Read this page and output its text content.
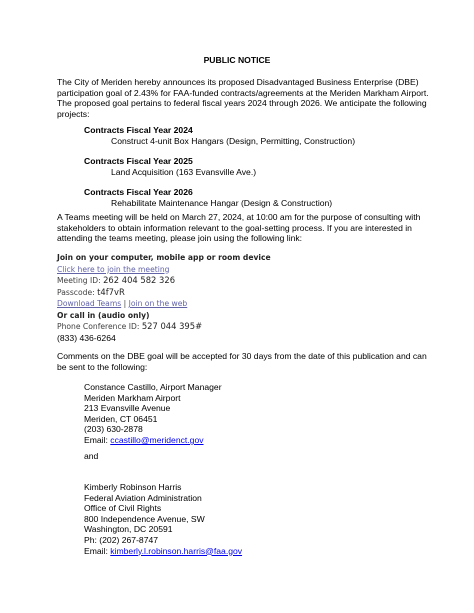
PUBLIC NOTICE
The City of Meriden hereby announces its proposed Disadvantaged Business Enterprise (DBE) participation goal of 2.43% for FAA-funded contracts/agreements at the Meriden Markham Airport. The proposed goal pertains to federal fiscal years 2024 through 2026. We anticipate the following projects:
Contracts Fiscal Year 2024
Construct 4-unit Box Hangars (Design, Permitting, Construction)
Contracts Fiscal Year 2025
Land Acquisition (163 Evansville Ave.)
Contracts Fiscal Year 2026
Rehabilitate Maintenance Hangar (Design & Construction)
A Teams meeting will be held on March 27, 2024, at 10:00 am for the purpose of consulting with stakeholders to obtain information relevant to the goal-setting process. If you are interested in attending the teams meeting, please join using the following link:
Join on your computer, mobile app or room device
Click here to join the meeting
Meeting ID: 262 404 582 326
Passcode: t4f7vR
Download Teams | Join on the web
Or call in (audio only)
Phone Conference ID: 527 044 395#
(833) 436-6264
Comments on the DBE goal will be accepted for 30 days from the date of this publication and can be sent to the following:
Constance Castillo, Airport Manager
Meriden Markham Airport
213 Evansville Avenue
Meriden, CT 06451
(203) 630-2878
Email: ccastillo@meridenct.gov
and
Kimberly Robinson Harris
Federal Aviation Administration
Office of Civil Rights
800 Independence Avenue, SW
Washington, DC 20591
Ph: (202) 267-8747
Email: kimberly.l.robinson.harris@faa.gov
